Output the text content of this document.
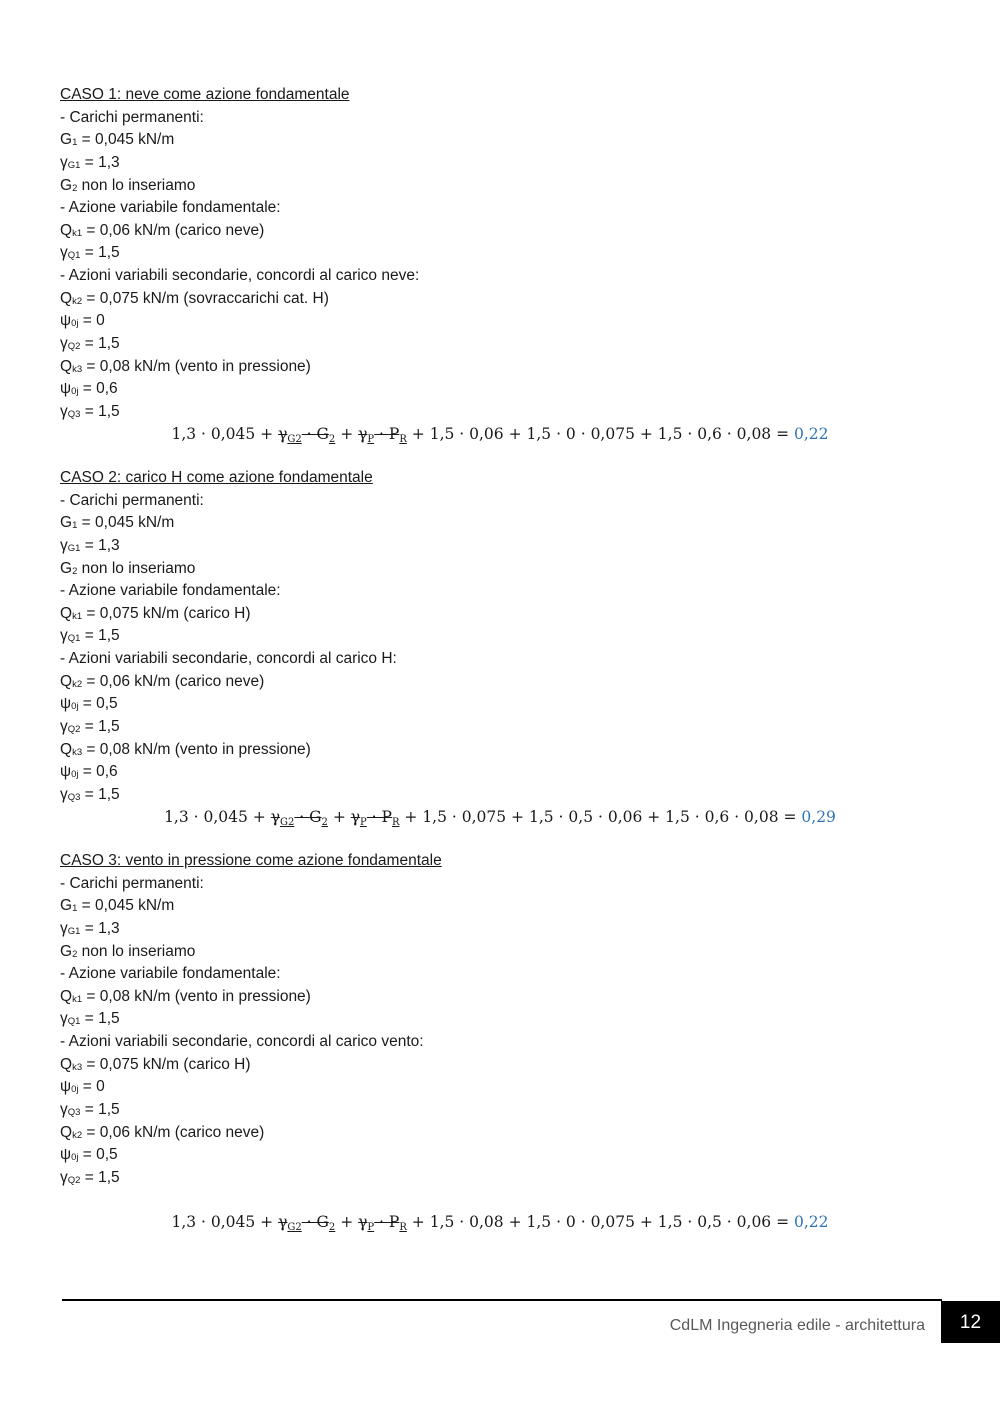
CASO 1: neve come azione fondamentale
- Carichi permanenti:
$G_1 = 0,045$ kN/m
$\gamma_{G1} = 1,3$
$G_2$ non lo inseriamo
- Azione variabile fondamentale:
$Q_{k1} = 0,06$ kN/m (carico neve)
$\gamma_{Q1} = 1,5$
- Azioni variabili secondarie, concordi al carico neve:
$Q_{k2} = 0,075$ kN/m (sovraccarichi cat. H)
$\psi_{0j} = 0$
$\gamma_{Q2} = 1,5$
$Q_{k3} = 0,08$ kN/m (vento in pressione)
$\psi_{0j} = 0,6$
$\gamma_{Q3} = 1,5$
1,3 · 0,045 + γG2 · G2 + γP · PR + 1,5 · 0,06 + 1,5 · 0 · 0,075 + 1,5 · 0,6 · 0,08 = 0,22
CASO 2: carico H come azione fondamentale
- Carichi permanenti:
$G_1 = 0,045$ kN/m
$\gamma_{G1} = 1,3$
$G_2$ non lo inseriamo
- Azione variabile fondamentale:
$Q_{k1} = 0,075$ kN/m (carico H)
$\gamma_{Q1} = 1,5$
- Azioni variabili secondarie, concordi al carico H:
$Q_{k2} = 0,06$ kN/m (carico neve)
$\psi_{0j} = 0,5$
$\gamma_{Q2} = 1,5$
$Q_{k3} = 0,08$ kN/m (vento in pressione)
$\psi_{0j} = 0,6$
$\gamma_{Q3} = 1,5$
1,3 · 0,045 + γG2 · G2 + γP · PR + 1,5 · 0,075 + 1,5 · 0,5 · 0,06 + 1,5 · 0,6 · 0,08 = 0,29
CASO 3: vento in pressione come azione fondamentale
- Carichi permanenti:
$G_1 = 0,045$ kN/m
$\gamma_{G1} = 1,3$
$G_2$ non lo inseriamo
- Azione variabile fondamentale:
$Q_{k1} = 0,08$ kN/m (vento in pressione)
$\gamma_{Q1} = 1,5$
- Azioni variabili secondarie, concordi al carico vento:
$Q_{k3} = 0,075$ kN/m (carico H)
$\psi_{0j} = 0$
$\gamma_{Q3} = 1,5$
$Q_{k2} = 0,06$ kN/m (carico neve)
$\psi_{0j} = 0,5$
$\gamma_{Q2} = 1,5$
1,3 · 0,045 + γG2 · G2 + γP · PR + 1,5 · 0,08 + 1,5 · 0 · 0,075 + 1,5 · 0,5 · 0,06 = 0,22
CdLM Ingegneria edile - architettura	12
